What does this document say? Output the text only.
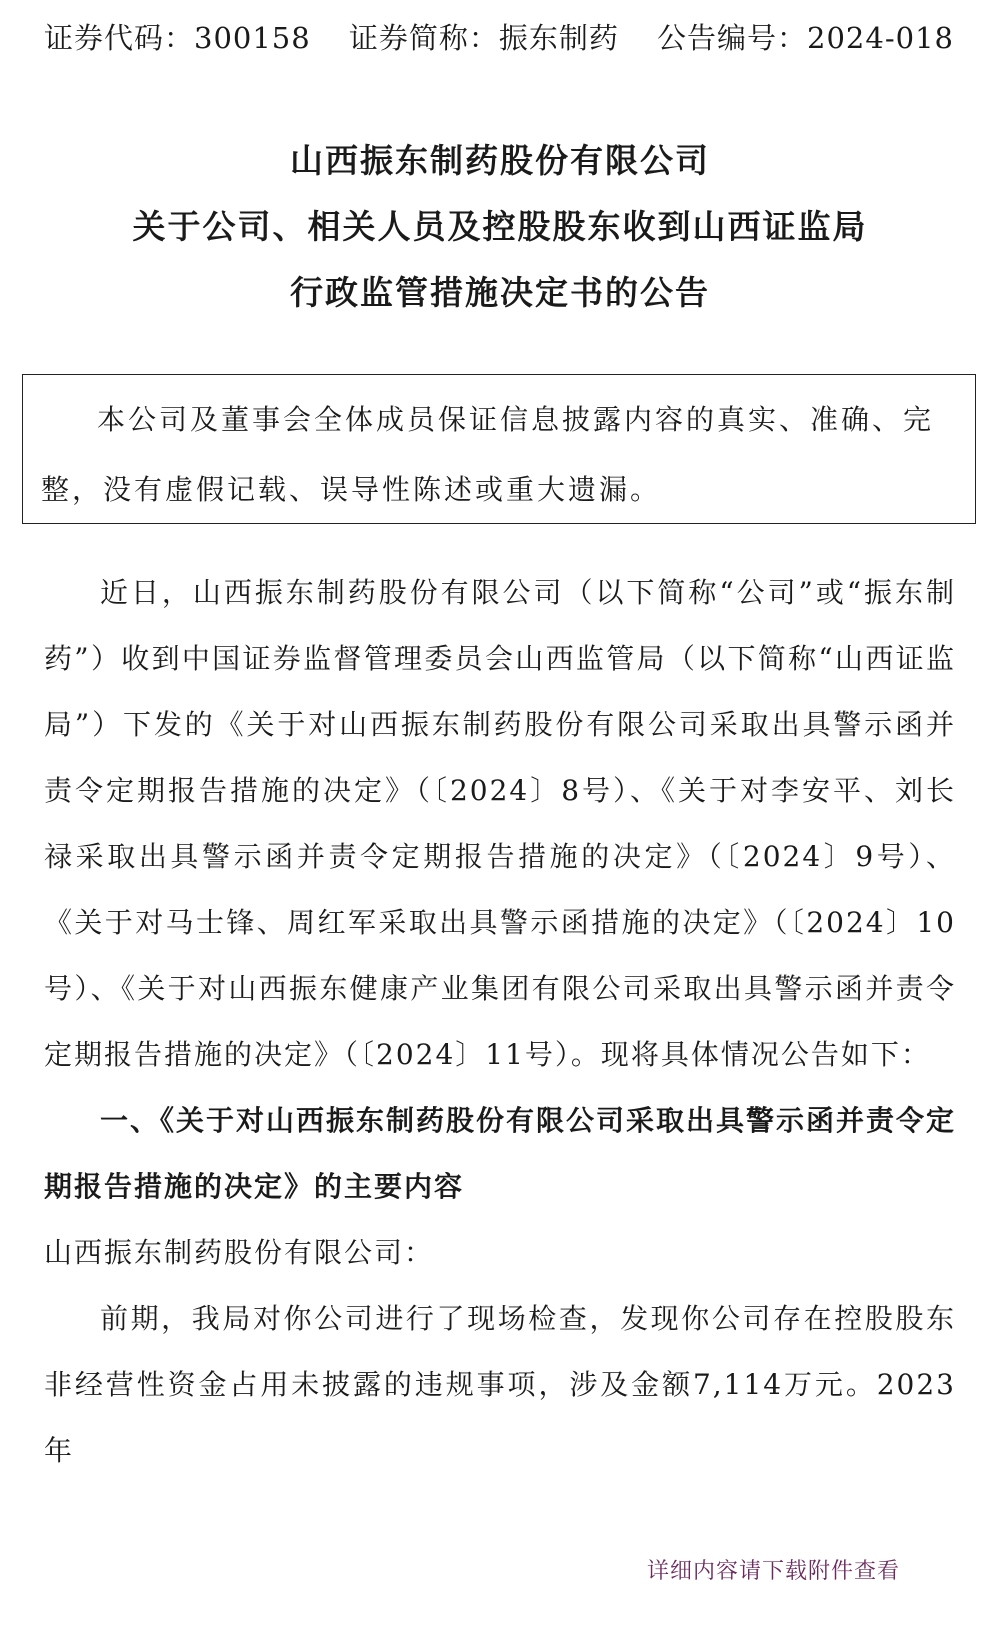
证券代码：300158 证券简称：振东制药 公告编号：2024-018
山西振东制药股份有限公司
关于公司、相关人员及控股股东收到山西证监局
行政监管措施决定书的公告

本公司及董事会全体成员保证信息披露内容的真实、准确、完整，没有虚假记载、误导性陈述或重大遗漏。

近日，山西振东制药股份有限公司（以下简称“公司”或“振东制药”）收到中国证券监督管理委员会山西监管局（以下简称“山西证监局”）下发的《关于对山西振东制药股份有限公司采取出具警示函并责令定期报告措施的决定》（〔2024〕8号）、《关于对李安平、刘长禄采取出具警示函并责令定期报告措施的决定》（〔2024〕9号）、《关于对马士锋、周红军采取出具警示函措施的决定》（〔2024〕10号）、《关于对山西振东健康产业集团有限公司采取出具警示函并责令定期报告措施的决定》（〔2024〕11号）。现将具体情况公告如下：

一、《关于对山西振东制药股份有限公司采取出具警示函并责令定期报告措施的决定》的主要内容

山西振东制药股份有限公司：

前期，我局对你公司进行了现场检查，发现你公司存在控股股东非经营性资金占用未披露的违规事项，涉及金额7,114万元。2023年

详细内容请下载附件查看
